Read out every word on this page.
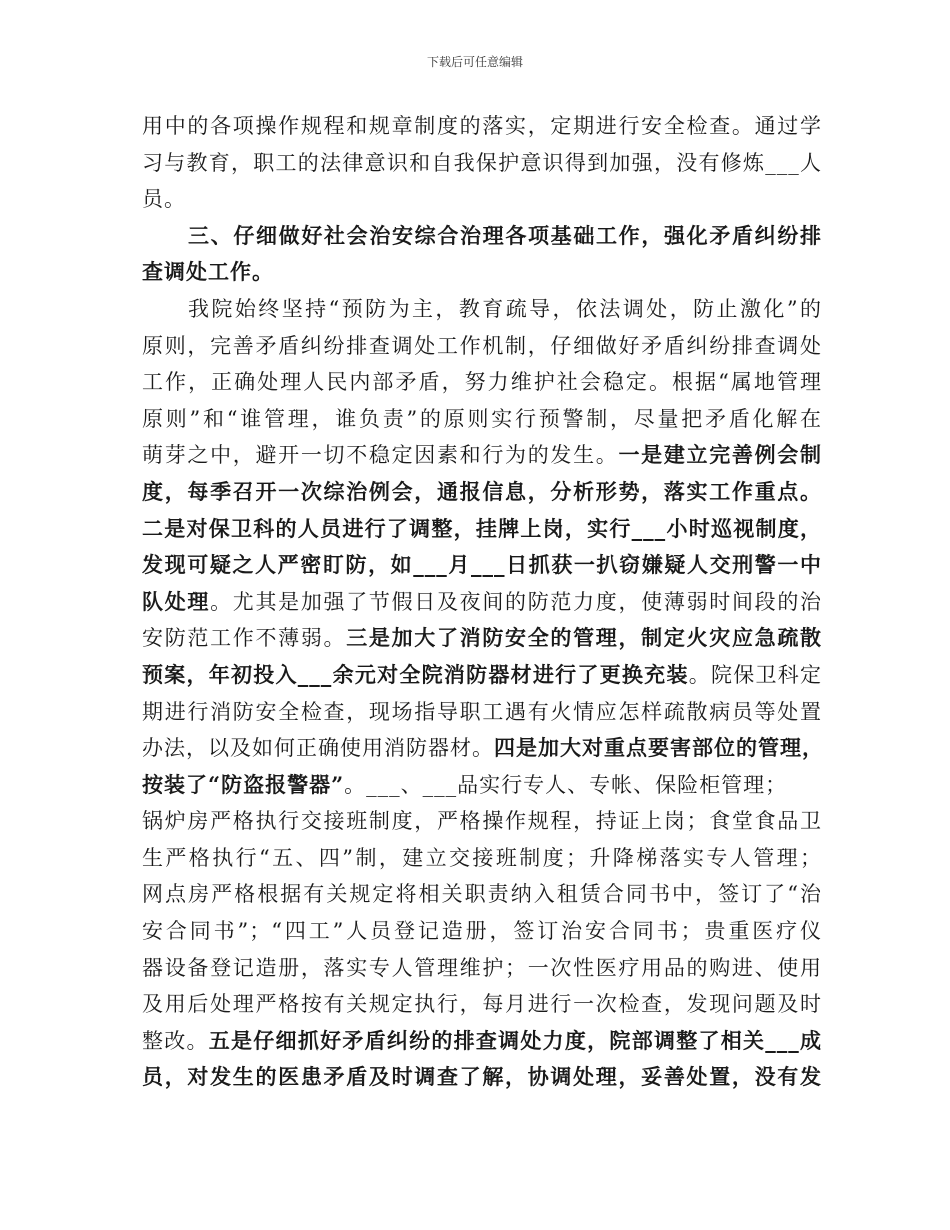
下载后可任意编辑
用中的各项操作规程和规章制度的落实，定期进行安全检查。通过学
习与教育，职工的法律意识和自我保护意识得到加强，没有修炼___人
员。
三、仔细做好社会治安综合治理各项基础工作，强化矛盾纠纷排
查调处工作。
我院始终坚持“预防为主，教育疏导，依法调处，防止激化”的
原则，完善矛盾纠纷排查调处工作机制，仔细做好矛盾纠纷排查调处
工作，正确处理人民内部矛盾，努力维护社会稳定。根据“属地管理
原则”和“谁管理，谁负责”的原则实行预警制，尽量把矛盾化解在
萌芽之中，避开一切不稳定因素和行为的发生。一是建立完善例会制
度，每季召开一次综治例会，通报信息，分析形势，落实工作重点。
二是对保卫科的人员进行了调整，挂牌上岗，实行___小时巡视制度，
发现可疑之人严密盯防，如___月___日抓获一扒窃嫌疑人交刑警一中
队处理。尤其是加强了节假日及夜间的防范力度，使薄弱时间段的治
安防范工作不薄弱。三是加大了消防安全的管理，制定火灾应急疏散
预案，年初投入___余元对全院消防器材进行了更换充装。院保卫科定
期进行消防安全检查，现场指导职工遇有火情应怎样疏散病员等处置
办法，以及如何正确使用消防器材。四是加大对重点要害部位的管理，
按装了“防盗报警器”。___、___品实行专人、专帐、保险柜管理；
锅炉房严格执行交接班制度，严格操作规程，持证上岗；食堂食品卫
生严格执行“五、四”制，建立交接班制度；升降梯落实专人管理；
网点房严格根据有关规定将相关职责纳入租赁合同书中，签订了“治
安合同书”；“四工”人员登记造册，签订治安合同书；贵重医疗仪
器设备登记造册，落实专人管理维护；一次性医疗用品的购进、使用
及用后处理严格按有关规定执行，每月进行一次检查，发现问题及时
整改。五是仔细抓好矛盾纠纷的排查调处力度，院部调整了相关___成
员，对发生的医患矛盾及时调查了解，协调处理，妥善处置，没有发
